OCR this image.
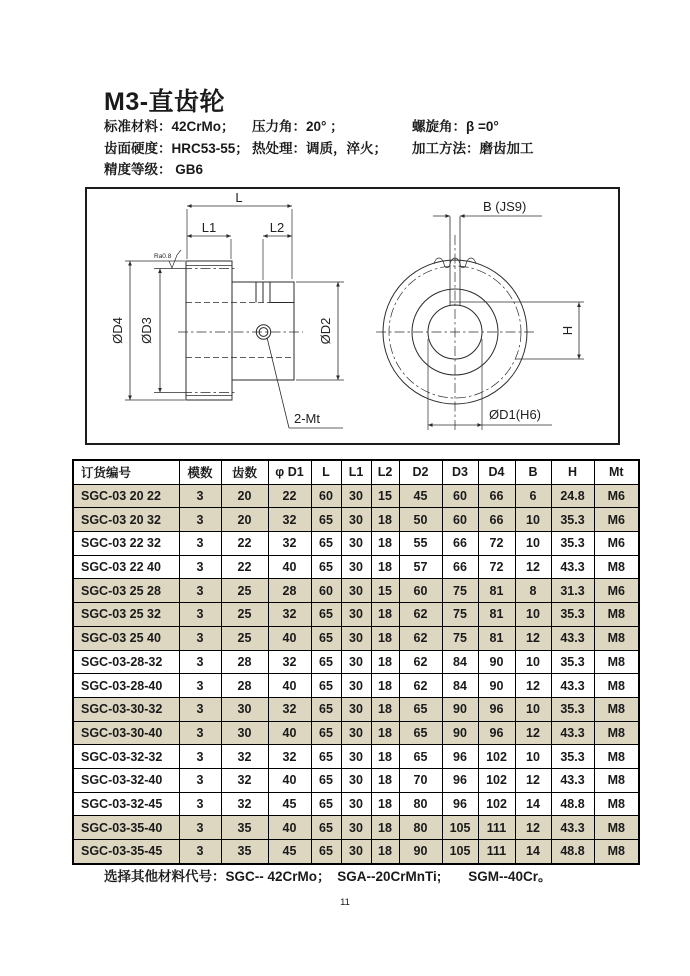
M3-直齿轮
标准材料：42CrMo；	压力角：20° ；	螺旋角：β =0°
齿面硬度：HRC53-55； 热处理：调质，淬火；	加工方法：磨齿加工
精度等级： GB6
L
L1	L2
ØD4 ØD3	ØD2
2-Mt
Ra0.8
B (JS9)
H
ØD1(H6)
订货编号	模数	齿数	φ D1	L	L1	L2	D2	D3	D4	B	H	Mt
SGC-03 20 22	3	20	22	60	30	15	45	60	66	6	24.8	M6
SGC-03 20 32	3	20	32	65	30	18	50	60	66	10	35.3	M6
SGC-03 22 32	3	22	32	65	30	18	55	66	72	10	35.3	M6
SGC-03 22 40	3	22	40	65	30	18	57	66	72	12	43.3	M8
SGC-03 25 28	3	25	28	60	30	15	60	75	81	8	31.3	M6
SGC-03 25 32	3	25	32	65	30	18	62	75	81	10	35.3	M8
SGC-03 25 40	3	25	40	65	30	18	62	75	81	12	43.3	M8
SGC-03-28-32	3	28	32	65	30	18	62	84	90	10	35.3	M8
SGC-03-28-40	3	28	40	65	30	18	62	84	90	12	43.3	M8
SGC-03-30-32	3	30	32	65	30	18	65	90	96	10	35.3	M8
SGC-03-30-40	3	30	40	65	30	18	65	90	96	12	43.3	M8
SGC-03-32-32	3	32	32	65	30	18	65	96	102	10	35.3	M8
SGC-03-32-40	3	32	40	65	30	18	70	96	102	12	43.3	M8
SGC-03-32-45	3	32	45	65	30	18	80	96	102	14	48.8	M8
SGC-03-35-40	3	35	40	65	30	18	80	105	111	12	43.3	M8
SGC-03-35-45	3	35	45	65	30	18	90	105	111	14	48.8	M8
选择其他材料代号：SGC-- 42CrMo；　SGA--20CrMnTi;　　SGM--40Cr。
11
